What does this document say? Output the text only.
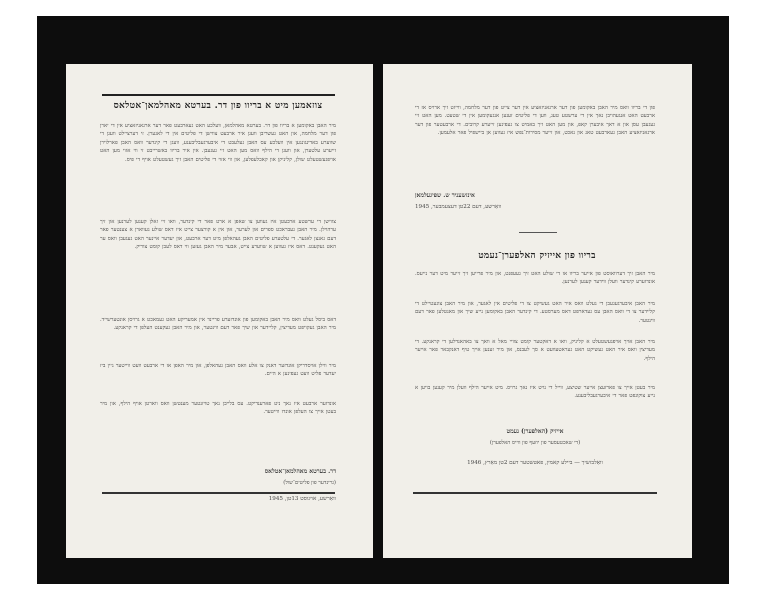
צוזאמען מיט א בריוו פון דר. בערטא מאהלמאן־אטלאס
מיר האבן באקומען א בריוו פון דר. בערטא מאהלמאן, וועלכע האט געארבעט פאר דער ארגאניזאציע אין די יארן פון דער מלחמה, און האט געשריבן וועגן איר ארבעט צווישן די פליטים אין די לאגערן. זי דערציילט וועגן די שווערע באדינגונגען אין וועלכע עס האבן געלעבט די איבערגעבליבענע, וועגן די קינדער וואס האבן פארלוירן זייערע עלטערן, און וועגן די הילף וואס מען האט זיי געגעבן. אין איר בריוו באשרייבט זי ווי אזוי מען האט אויפגעשטעלט שולן, קליניקן און קאכלעפלען, און ווי אזוי די פליטים האבן זיך געשטעלט אויף די פיס.
צווישן די ערשטע ארבעטן איז געווען צו שאפן א ארט פאר די קינדער, וואו זיי זאלן קענען לערנען און זיך ערהוילן. מיר האבן געבראכט ספרים און לערער, און אין א קורצער צייט איז דאס שולע געווארן א צענטער פאר דעם גאנצן לאגער. די עלטערע פליטים האבן געהאלפן מיט דער ארבעט, און יעדער איינער האט געגעבן וואס ער האט געקענט. דאס איז געווען א שווערע צייט, אבער מיר האבן געזען ווי דאס לעבן קומט צוריק.
דאס ביסל געלט וואס מיר האבן באקומען פון אונדזערע פריינד אין אמעריקע האט געמאכט א גרויסן אונטערשייד. מיר האבן געקויפט מעדיצין, קליידער און שיך פאר דעם ווינטער, און מיר האבן געקענט העלפן די קראנקע.
מיר ווילן אויסדריקן אונדזער דאנק צו אלע וואס האבן געהאלפן, און מיר האפן אז די ארבעט וועט ווייטער גיין ביז יעדער פליט וועט געפינען א היים.
אונדזער ארבעט איז נאך ניט פארענדיקט. עס בלייבן נאך טויזנטער מענטשן וואס ווארטן אויף הילף, און מיר בעטן אייך צו העלפן אונדז ווייטער.
דר. בערטא מאהלמאן־אטלאס
(גרינדער פון פליטים־שול)
וואַרשע, אויגוסט 13טן, 1945
פון די בריוו וואס מיר האבן באקומען פון דער ארגאניזאציע אין דער צייט פון דער מלחמה, ווייזט זיך ארויס אז די ארבעט האט אנגעהויבן נאך אין די ערשטע טעג, ווען די פליטים זענען אנגעקומען אין די שטעט. מען האט זיי געגעבן עסן און א דאך איבערן קאפ, און מען האט זיך באמיט צו געפינען זייערע קרובים. די ארבעטער פון דער ארגאניזאציע האבן געארבעט טאג און נאכט, און זייער מסירות־נפש איז געווען אן ביישפיל פאר אלעמען.
אינזשעניר ש. שפיגעלמאן
וואַרשע, דעם 22טן דעצעמבער, 1945
בריוו פון אייזיק האלפערן־נעמט
מיר האבן זיך דערוואוסט פון אייער בריוו אז די שולע האט זיך געעפנט, און מיר פרייען זיך זייער מיט דער נייעס. אונדזערע קינדער וועלן ווידער קענען לערנען.
מיר האבן איבערגעגעבן די געלט וואס איר האט געשיקט צו די פליטים אין לאגער, און מיר האבן צוגעטיילט די קליידער צו די וואס האבן עס געדארפט דאס מערסטע. די קינדער האבן באקומען נייע שיך און מאנטלען פאר דעם ווינטער.
מיר האבן אויך אויפגעשטעלט א קליניק, וואו א דאקטער קומט צוויי מאל א וואך צו באהאנדלען די קראנקע. די מעדיצין וואס איר האט געשיקט האט געראטעוועט א סך לעבנס, און מיר זענען אייך טיף דאנקבאר פאר אייער הילף.
מיר בעטן אייך צו פארזעצן אייער שטיצע, ווייל די נויט איז נאך גרויס. מיט אייער הילף וועלן מיר קענען בויען א נייע צוקונפט פאר די איבערגעבליבענע.
אייזיק (האלפערן) נעמט
(די שאכטעסער פון יוזעף פון ווייס האלפערן)
וואַלבזשיך — ביילע קאמין, פאטשטער דעם 2טן מאַרץ, 1946
